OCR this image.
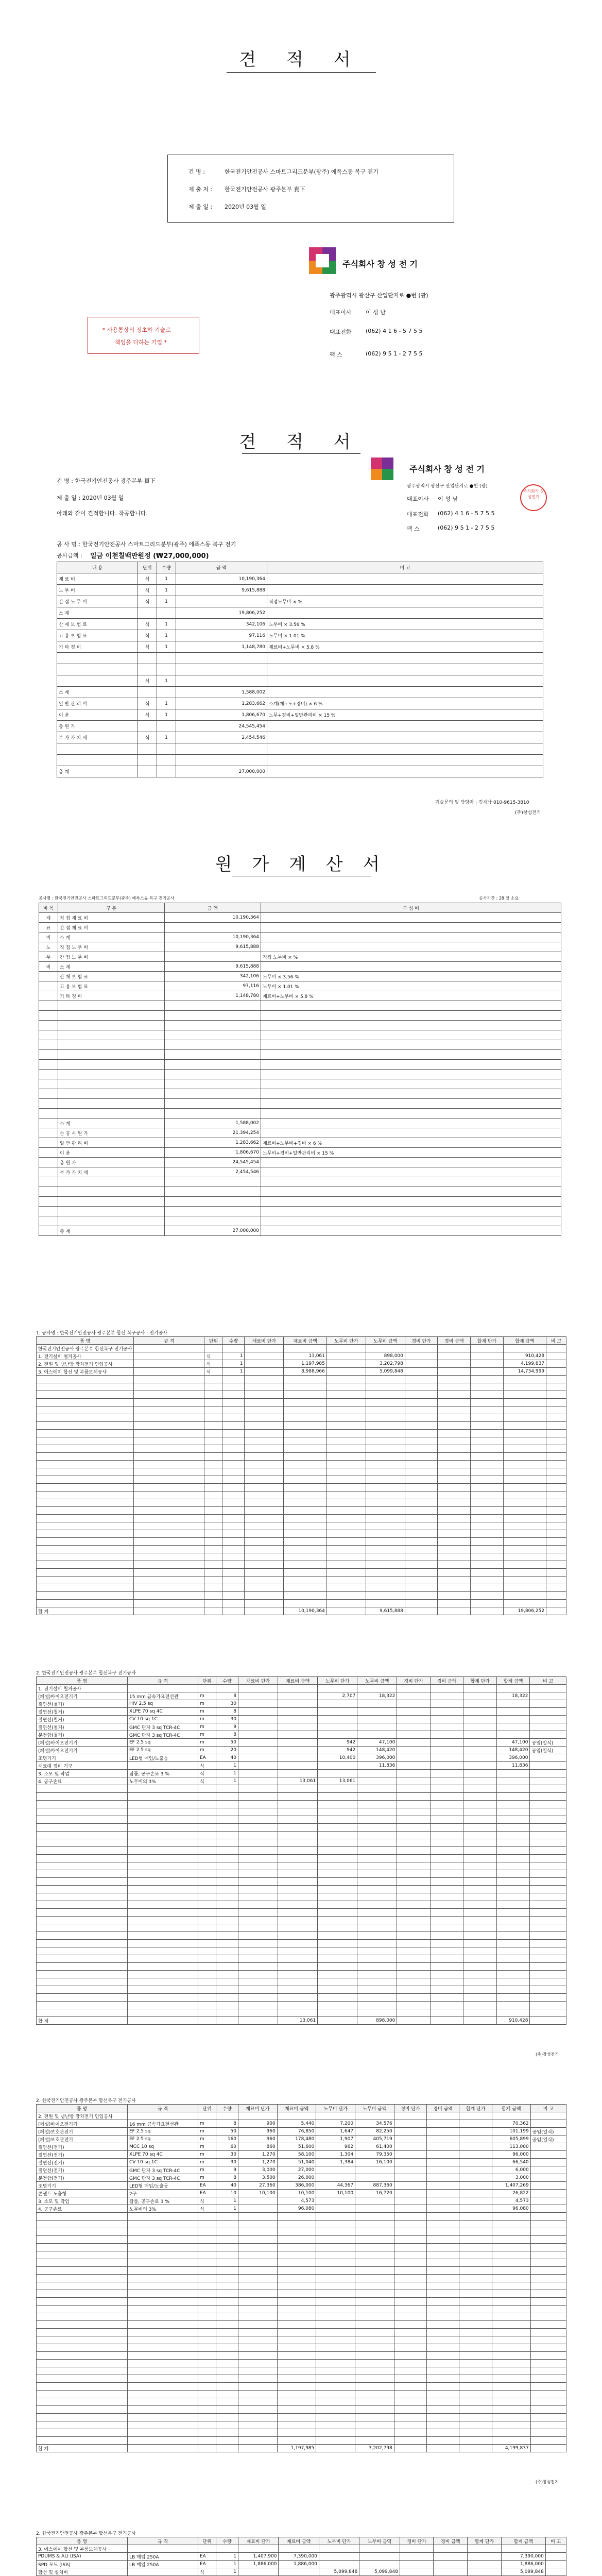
견 적 서
건 명 :	한국전기안전공사 스마트그리드분부(광주) 에폭스동 복구 전기
제 출 처 : 한국전기안전공사 광주본부 貴下
제 출 일 : 2020년 03월 일
주식회사 창 성 전 기
광주광역시 광산구 산업단지로 ●번 (광)
대표이사 이 성 남
대표전화 (062) 4 1 6 - 5 7 5 5
팩 스	(062) 9 5 1 - 2 7 5 5
* 사용통상의 정초하 기술로
책임을 다하는 기업 *
견 적 서
건 명 : 한국전기안전공사 광주본부 貴下
제 출 일 : 2020년 03월 일
아래와 같이 견적합니다. 착공합니다.
주식회사 창 성 전 기
광주광역시 광산구 산업단지로 ●번 (광)
대표이사 이 성 남
주식회사 창성전기
대표전화 (062) 4 1 6 - 5 7 5 5
팩 스	(062) 9 5 1 - 2 7 5 5
공 사 명 : 한국전기안전공사 스마트그리드분부(광주) 에폭스동 복구 전기
공사금액 : 일금 이천칠백만원정 (₩27,000,000)
내 용	단위	수량	금 액	비 고
재 료 비	식	1	10,190,364	
노 무 비	식	1	9,615,888	
간 접 노 무 비	식	1		직접노무비 × %
소 계			19,806,252	
산 재 보 험 료	식	1	342,106	노무비 × 3.56 %
고 용 보 험 료	식	1	97,116	노무비 × 1.01 %
기 타 경 비	식	1	1,148,780	재료비+노무비 × 5.8 %

	식	1		
소 계			1,588,002	
일 반 관 리 비	식	1	1,283,662	소계(재+노+경비) × 6 %
이 윤	식	1	1,806,670	노무+경비+일반관리비 × 15 %
총 원 가			24,545,454	
부 가 가 치 세	식	1	2,454,546	

총 계			27,000,000	
기술문의 및 담당자 : 김재남 010-9615-3810
(주)창성전기
원 가 계 산 서
공사명 : 한국전기안전공사 스마트그리드분부(광주) 에폭스동 복구 전기공사	공사기간 : 28 일 소요
비 목	구 분	금 액	구 성 비
재	직 접 재 료 비	10,190,364	
료	간 접 재 료 비		
비	소 계	10,190,364	
노	직 접 노 무 비	9,615,888	
무	간 접 노 무 비		직접 노무비 × %
비	소 계	9,615,888	
	산 재 보 험 료	342,106	노무비 × 3.56 %
	고 용 보 험 료	97,116	노무비 × 1.01 %
	기 타 경 비	1,148,780	재료비+노무비 × 5.8 %

	소 계	1,588,002	
	순 공 사 원 가	21,394,254	
	일 반 관 리 비	1,283,662	재료비+노무비+경비 × 6 %
	이 윤	1,806,670	노무비+경비+일반관리비 × 15 %
	총 원 가	24,545,454	
	부 가 가 치 세	2,454,546	

	총 계	27,000,000	
1. 공사명 : 한국전기안전공사 광주본부 합선 복구공사 : 전기공사
품 명	규 격	단위	수량	재료비 단가	재료비 금액	노무비 단가	노무비 금액	경비 단가	경비 금액	합계 단가	합계 금액	비 고
한국전기안전공사 광주본부 합선복구 전기공사												
1. 전기설비 철거공사		식	1		13,061		898,000				910,428	
2. 전원 및 냉난방 장치전기 인입공사		식	1		1,197,985		3,202,798				4,199,837	
3. 에스에이 합선 및 부품보체공사		식	1		8,988,966		5,099,848				14,734,999	

합 계					10,190,364		9,615,888				19,806,252	
2. 한국전기안전공사 광주본부 합선복구 전기공사
품 명	규 격	단위	수량	재료비 단가	재료비 금액	노무비 단가	노무비 금액	경비 단가	경비 금액	합계 단가	합계 금액	비 고
1. 전기설비 철거공사												
(폐설)바이오전기기	15 mm 금속가요전선관	m	8			2,707	18,322				18,322	
절연선(철거)	HIV 2.5 sq	m	30									
절연선(철거)	XLPE 70 sq 4C	m	8									
절연선(철거)	CV 10 sq 1C	m	30									
절연선(철거)	GMC 단자 3 sq TCR-4C	m	9									
분전함(철거)	GMC 단자 3 sq TCR-4C	m	8									
(폐설)바이오전기기	EF 2.5 sq	m	50			942	47,100				47,100	공임(일식)
(폐설)바이오전기기	EF 2.5 sq	m	20			942	148,420				148,420	공임(일식)
조명기기	LED형 매입/노출등	EA	40			10,400	396,000				396,000	
재료대 정비 기구		식	1				11,836				11,836	
3. 소모 및 작업	잡품, 공구손료 3 %	식	1									
4. 공구손료	노무비의 3%	식	1		13,061	13,061						

합 계					13,061		898,000				910,428	
(주)창성전기
2. 한국전기안전공사 광주본부 합선복구 전기공사
품 명	규 격	단위	수량	재료비 단가	재료비 금액	노무비 단가	노무비 금액	경비 단가	경비 금액	합계 단가	합계 금액	비 고
2. 전원 및 냉난방 장치전기 인입공사												
(폐설)바이오전기기	16 mm 금속가요전선관	m	8	900	5,440	7,200	34,576				70,362	
(폐설)보호관전기	EF 2.5 sq	m	50	960	76,850	1,647	82,250				101,199	공임(일식)
(폐설)보호관전기	EF 2.5 sq	m	160	960	178,480	1,907	405,719				605,899	공임(일식)
절연선(전기)	MCC 10 sq	m	60	860	51,600	962	61,400				113,000	
절연선(전기)	XLPE 70 sq 4C	m	30	1,270	58,100	1,304	79,350				96,000	
절연선(전기)	CV 10 sq 1C	m	30	1,270	51,040	1,384	16,100				66,540	
절연선(전기)	GMC 단자 3 sq TCR-4C	m	9	3,000	27,000						6,000	
분전함(전기)	GMC 단자 3 sq TCR-4C	m	8	3,500	26,000						3,000	
조명기기	LED형 매입/노출등	EA	40	27,360	386,000	44,367	887,360				1,407,269	
콘센트 노출형	2구	EA	10	10,100	10,100	10,100	16,720				26,822	
3. 소모 및 작업	잡품, 공구손료 3 %	식	1		4,573						4,573	
4. 공구손료	노무비의 3%	식	1		96,080						96,080	

합 계					1,197,985		3,202,798				4,199,837	
(주)창성전기
2. 한국전기안전공사 광주본부 합선복구 전기공사
품 명	규 격	단위	수량	재료비 단가	재료비 금액	노무비 단가	노무비 금액	경비 단가	경비 금액	합계 단가	합계 금액	비 고
3. 에스에이 합선 및 부품보체공사												
PDUMS & ALI (ISA)	LB 매입 250A	EA	1	1,407,900	7,390,000						7,390,000	
SPD 모드 (ISA)	LB 매입 250A	EA	1	1,886,000	1,886,000						1,886,000	
합선 및 설치비		식	1			5,099,848	5,099,848				5,099,848	
